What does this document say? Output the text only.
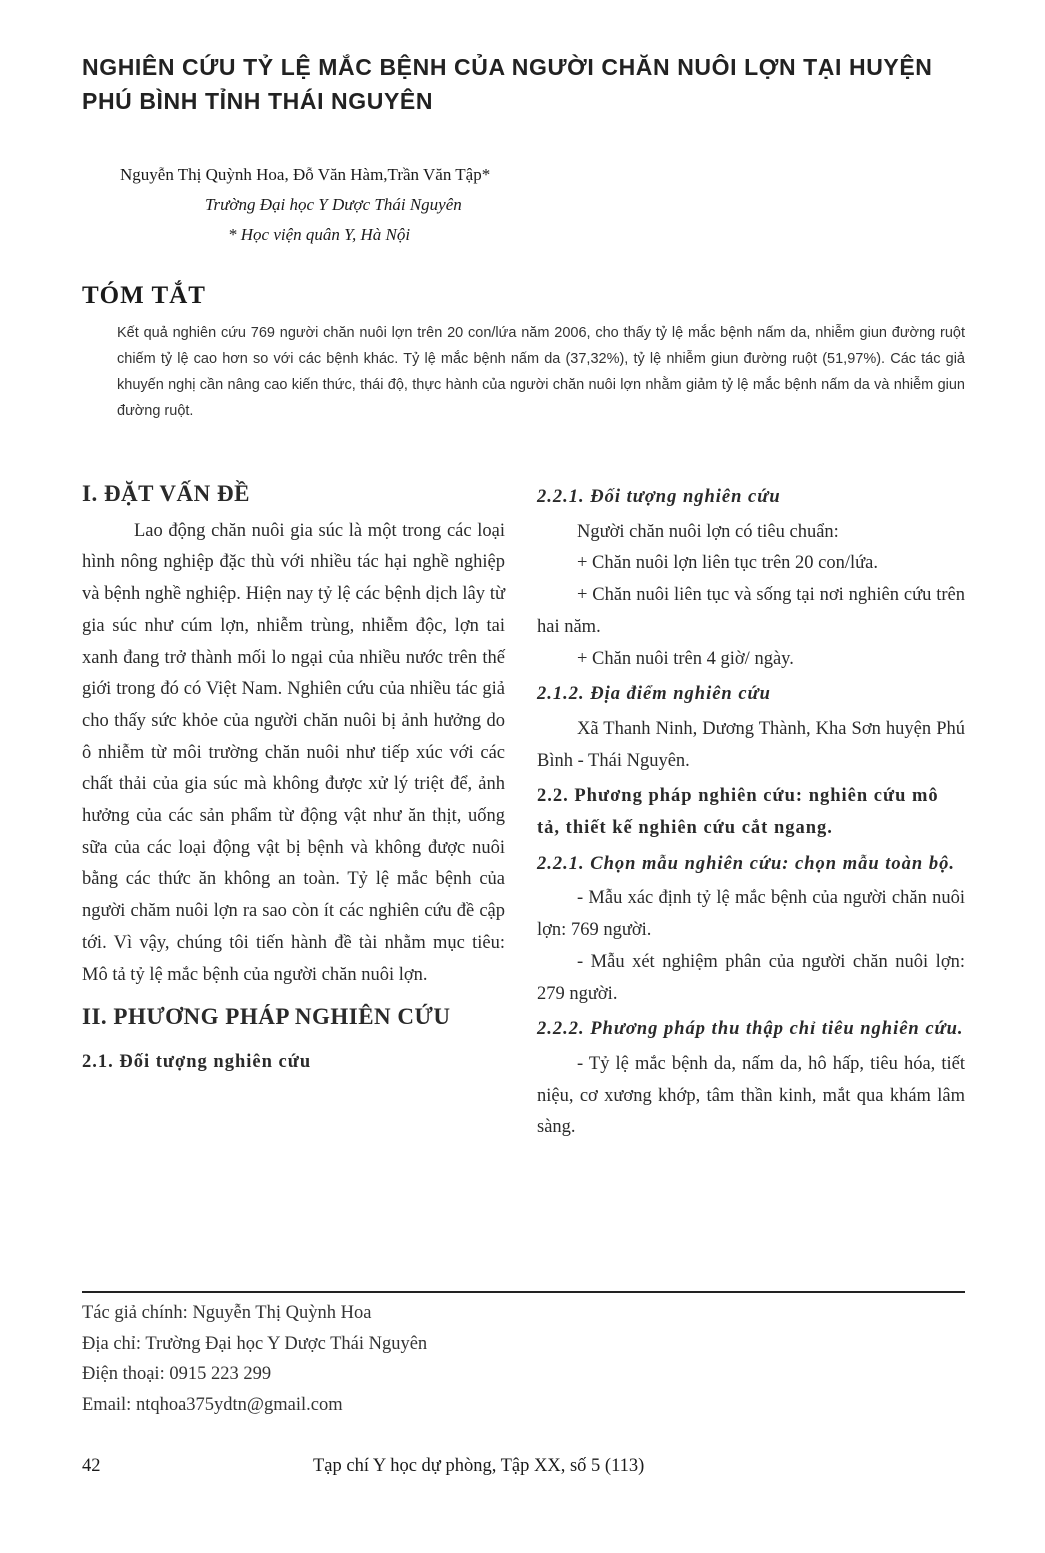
NGHIÊN CỨU TỶ LỆ MẮC BỆNH CỦA NGƯỜI CHĂN NUÔI LỢN TẠI HUYỆN PHÚ BÌNH TỈNH THÁI NGUYÊN
Nguyễn Thị Quỳnh Hoa, Đỗ Văn Hàm,Trần Văn Tập*
Trường Đại học Y Dược Thái Nguyên
* Học viện quân Y, Hà Nội
TÓM TẮT
Kết quả nghiên cứu 769 người chăn nuôi lợn trên 20 con/lứa năm 2006, cho thấy tỷ lệ mắc bệnh nấm da, nhiễm giun đường ruột chiếm tỷ lệ cao hơn so với các bệnh khác. Tỷ lệ mắc bệnh nấm da (37,32%), tỷ lệ nhiễm giun đường ruột (51,97%). Các tác giả khuyến nghị cần nâng cao kiến thức, thái độ, thực hành của người chăn nuôi lợn nhằm giảm tỷ lệ mắc bệnh nấm da và nhiễm giun đường ruột.
I. ĐẶT VẤN ĐỀ

Lao động chăn nuôi gia súc là một trong các loại hình nông nghiệp đặc thù với nhiều tác hại nghề nghiệp và bệnh nghề nghiệp. Hiện nay tỷ lệ các bệnh dịch lây từ gia súc như cúm lợn, nhiễm trùng, nhiễm độc, lợn tai xanh đang trở thành mối lo ngại của nhiều nước trên thế giới trong đó có Việt Nam. Nghiên cứu của nhiều tác giả cho thấy sức khỏe của người chăn nuôi bị ảnh hưởng do ô nhiễm từ môi trường chăn nuôi như tiếp xúc với các chất thải của gia súc mà không được xử lý triệt để, ảnh hưởng của các sản phẩm từ động vật như ăn thịt, uống sữa của các loại động vật bị bệnh và không được nuôi bằng các thức ăn không an toàn. Tỷ lệ mắc bệnh của người chăm nuôi lợn ra sao còn ít các nghiên cứu đề cập tới. Vì vậy, chúng tôi tiến hành đề tài nhằm mục tiêu: Mô tả tỷ lệ mắc bệnh của người chăn nuôi lợn.

II. PHƯƠNG PHÁP NGHIÊN CỨU
2.1. Đối tượng nghiên cứu
2.2.1. Đối tượng nghiên cứu

Người chăn nuôi lợn có tiêu chuẩn:

+ Chăn nuôi lợn liên tục trên 20 con/lứa.

+ Chăn nuôi liên tục và sống tại nơi nghiên cứu trên hai năm.

+ Chăn nuôi trên 4 giờ/ ngày.

2.1.2. Địa điểm nghiên cứu

Xã Thanh Ninh, Dương Thành, Kha Sơn huyện Phú Bình - Thái Nguyên.

2.2. Phương pháp nghiên cứu: nghiên cứu mô tả, thiết kế nghiên cứu cắt ngang.
2.2.1. Chọn mẫu nghiên cứu: chọn mẫu toàn bộ.

- Mẫu xác định tỷ lệ mắc bệnh của người chăn nuôi lợn: 769 người.

- Mẫu xét nghiệm phân của người chăn nuôi lợn: 279 người.

2.2.2. Phương pháp thu thập chỉ tiêu nghiên cứu.

- Tỷ lệ mắc bệnh da, nấm da, hô hấp, tiêu hóa, tiết niệu, cơ xương khớp, tâm thần kinh, mắt qua khám lâm sàng.

Tác giả chính: Nguyễn Thị Quỳnh Hoa
Địa chỉ: Trường Đại học Y Dược Thái Nguyên
Điện thoại: 0915 223 299
Email: ntqhoa375ydtn@gmail.com
42	Tạp chí Y học dự phòng, Tập XX, số 5 (113)
